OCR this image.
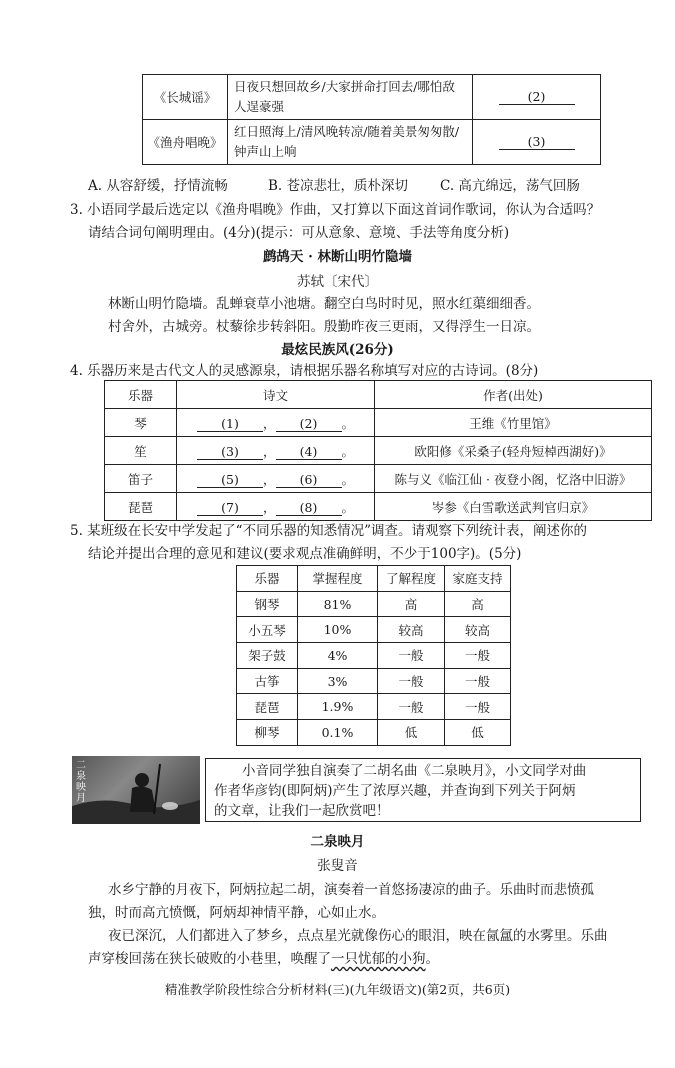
《长城谣》	日夜只想回故乡/大家拼命打回去/哪怕敌人逞豪强	(2)
《渔舟唱晚》	红日照海上/清风晚转凉/随着美景匆匆散/钟声山上响	(3)
A. 从容舒缓，抒情流畅	B. 苍凉悲壮，质朴深切 C. 高亢绵远，荡气回肠
3. 小语同学最后选定以《渔舟唱晚》作曲，又打算以下面这首词作歌词，你认为合适吗？
请结合词句阐明理由。(4分)(提示：可从意象、意境、手法等角度分析)
鹧鸪天 · 林断山明竹隐墙
苏轼〔宋代〕
林断山明竹隐墙。乱蝉衰草小池塘。翻空白鸟时时见，照水红蕖细细香。
村舍外，古城旁。杖藜徐步转斜阳。殷勤昨夜三更雨，又得浮生一日凉。
最炫民族风(26分)
4. 乐器历来是古代文人的灵感源泉，请根据乐器名称填写对应的古诗词。(8分)
乐器	诗文	作者(出处)
琴	(1) ， (2) 。	王维《竹里馆》
笙	(3) ， (4) 。	欧阳修《采桑子(轻舟短棹西湖好)》
笛子	(5) ， (6) 。	陈与义《临江仙 · 夜登小阁，忆洛中旧游》
琵琶	(7) ， (8) 。	岑参《白雪歌送武判官归京》
5. 某班级在长安中学发起了“不同乐器的知悉情况”调查。请观察下列统计表，阐述你的
结论并提出合理的意见和建议(要求观点准确鲜明，不少于100字)。(5分)
乐器	掌握程度	了解程度	家庭支持
钢琴	81%	高	高
小五琴	10%	较高	较高
架子鼓	4%	一般	一般
古筝	3%	一般	一般
琵琶	1.9%	一般	一般
柳琴	0.1%	低	低
二泉映月
小音同学独自演奏了二胡名曲《二泉映月》，小文同学对曲
作者华彦钧(即阿炳)产生了浓厚兴趣，并查询到下列关于阿炳
的文章，让我们一起欣赏吧！
二泉映月
张叟音
水乡宁静的月夜下，阿炳拉起二胡，演奏着一首悠扬凄凉的曲子。乐曲时而悲愤孤
独，时而高亢愤慨，阿炳却神情平静，心如止水。
夜已深沉，人们都进入了梦乡，点点星光就像伤心的眼泪，映在氤氲的水雾里。乐曲
声穿梭回荡在狭长破败的小巷里，唤醒了一只忧郁的小狗。
精准教学阶段性综合分析材料(三)(九年级语文)(第2页，共6页)
